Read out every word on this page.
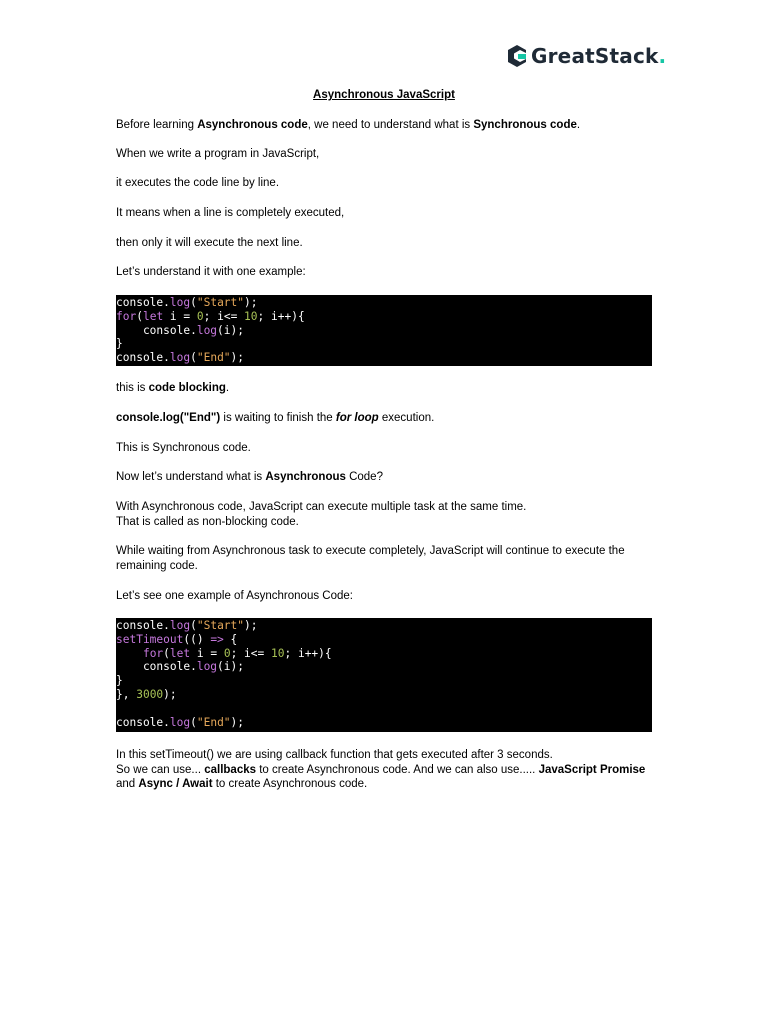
GreatStack.
Asynchronous JavaScript
Before learning Asynchronous code, we need to understand what is Synchronous code.
When we write a program in JavaScript,
it executes the code line by line.
It means when a line is completely executed,
then only it will execute the next line.
Let’s understand it with one example:
console.log("Start");
for(let i = 0; i<= 10; i++){
console.log(i);
}
console.log("End");
this is code blocking.
console.log("End") is waiting to finish the for loop execution.
This is Synchronous code.
Now let’s understand what is Asynchronous Code?
With Asynchronous code, JavaScript can execute multiple task at the same time.
That is called as non-blocking code.
While waiting from Asynchronous task to execute completely, JavaScript will continue to execute the remaining code.
Let’s see one example of Asynchronous Code:
console.log("Start");
setTimeout(() => {
for(let i = 0; i<= 10; i++){
console.log(i);
}
}, 3000);
console.log("End");
In this setTimeout() we are using callback function that gets executed after 3 seconds.
So we can use... callbacks to create Asynchronous code. And we can also use..... JavaScript Promise
and Async / Await to create Asynchronous code.
